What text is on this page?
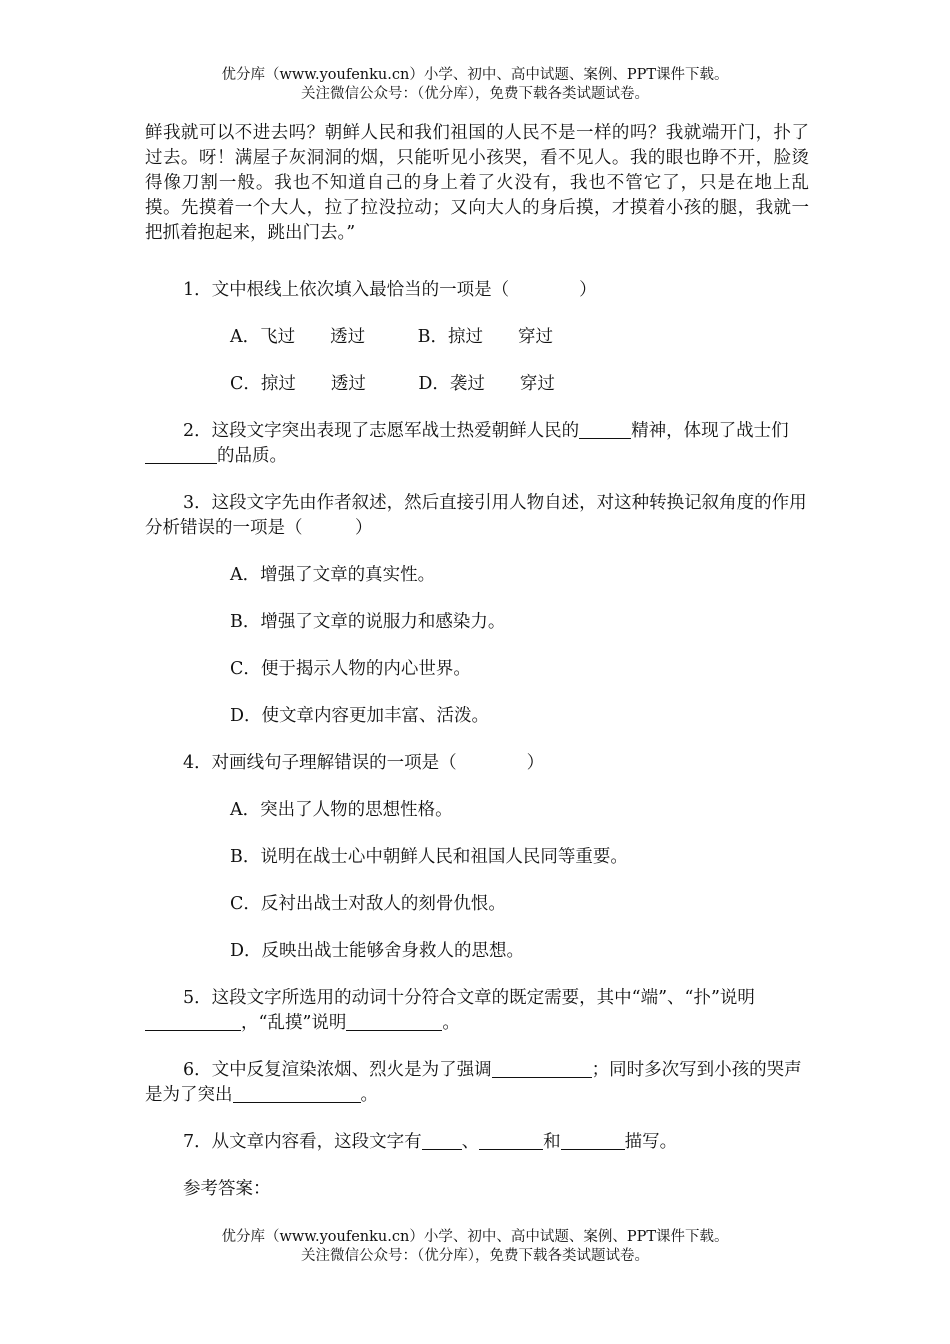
优分库（www.youfenku.cn）小学、初中、高中试题、案例、PPT课件下载。
关注微信公众号：（优分库），免费下载各类试题试卷。

鲜我就可以不进去吗？朝鲜人民和我们祖国的人民不是一样的吗？我就端开门，扑了过去。呀！满屋子灰洞洞的烟，只能听见小孩哭，看不见人。我的眼也睁不开，脸烫得像刀割一般。我也不知道自己的身上着了火没有，我也不管它了，只是在地上乱摸。先摸着一个大人，拉了拉没拉动；又向大人的身后摸，才摸着小孩的腿，我就一把抓着抱起来，跳出门去。”

1．文中根线上依次填入最恰当的一项是（　　　　）

A．飞过　　透过　　　B．掠过　　穿过

C．掠过　　透过　　　D．袭过　　穿过

2．这段文字突出表现了志愿军战士热爱朝鲜人民的	精神，体现了战士们的品质。

3．这段文字先由作者叙述，然后直接引用人物自述，对这种转换记叙角度的作用分析错误的一项是（　　　）

A．增强了文章的真实性。

B．增强了文章的说服力和感染力。

C．便于揭示人物的内心世界。

D．使文章内容更加丰富、活泼。

4．对画线句子理解错误的一项是（　　　　）

A．突出了人物的思想性格。

B．说明在战士心中朝鲜人民和祖国人民同等重要。

C．反衬出战士对敌人的刻骨仇恨。

D．反映出战士能够舍身救人的思想。

5．这段文字所选用的动词十分符合文章的既定需要，其中“端”、“扑”说明，“乱摸”说明	。

6．文中反复渲染浓烟、烈火是为了强调	；同时多次写到小孩的哭声是为了突出	。

7．从文章内容看，这段文字有 、	和	描写。

参考答案：

优分库（www.youfenku.cn）小学、初中、高中试题、案例、PPT课件下载。
关注微信公众号：（优分库），免费下载各类试题试卷。
